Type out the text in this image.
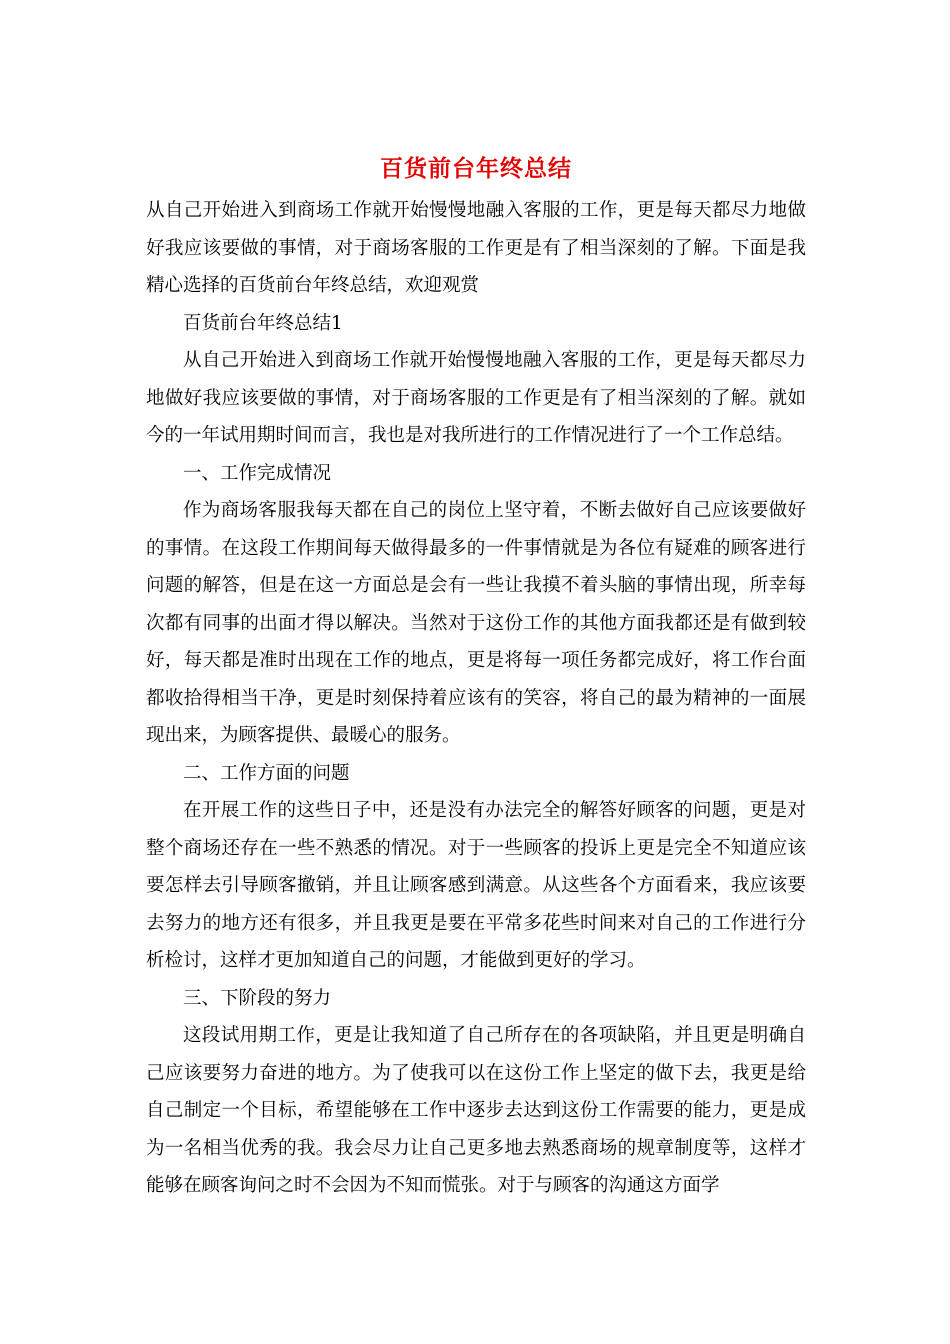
百货前台年终总结

从自己开始进入到商场工作就开始慢慢地融入客服的工作，更是每天都尽力地做好我应该要做的事情，对于商场客服的工作更是有了相当深刻的了解。下面是我精心选择的百货前台年终总结，欢迎观赏

百货前台年终总结1

从自己开始进入到商场工作就开始慢慢地融入客服的工作，更是每天都尽力地做好我应该要做的事情，对于商场客服的工作更是有了相当深刻的了解。就如今的一年试用期时间而言，我也是对我所进行的工作情况进行了一个工作总结。

一、工作完成情况

作为商场客服我每天都在自己的岗位上坚守着，不断去做好自己应该要做好的事情。在这段工作期间每天做得最多的一件事情就是为各位有疑难的顾客进行问题的解答，但是在这一方面总是会有一些让我摸不着头脑的事情出现，所幸每次都有同事的出面才得以解决。当然对于这份工作的其他方面我都还是有做到较好，每天都是准时出现在工作的地点，更是将每一项任务都完成好，将工作台面都收拾得相当干净，更是时刻保持着应该有的笑容，将自己的最为精神的一面展现出来，为顾客提供、最暖心的服务。

二、工作方面的问题

在开展工作的这些日子中，还是没有办法完全的解答好顾客的问题，更是对整个商场还存在一些不熟悉的情况。对于一些顾客的投诉上更是完全不知道应该要怎样去引导顾客撤销，并且让顾客感到满意。从这些各个方面看来，我应该要去努力的地方还有很多，并且我更是要在平常多花些时间来对自己的工作进行分析检讨，这样才更加知道自己的问题，才能做到更好的学习。

三、下阶段的努力

这段试用期工作，更是让我知道了自己所存在的各项缺陷，并且更是明确自己应该要努力奋进的地方。为了使我可以在这份工作上坚定的做下去，我更是给自己制定一个目标，希望能够在工作中逐步去达到这份工作需要的能力，更是成为一名相当优秀的我。我会尽力让自己更多地去熟悉商场的规章制度等，这样才能够在顾客询问之时不会因为不知而慌张。对于与顾客的沟通这方面学
